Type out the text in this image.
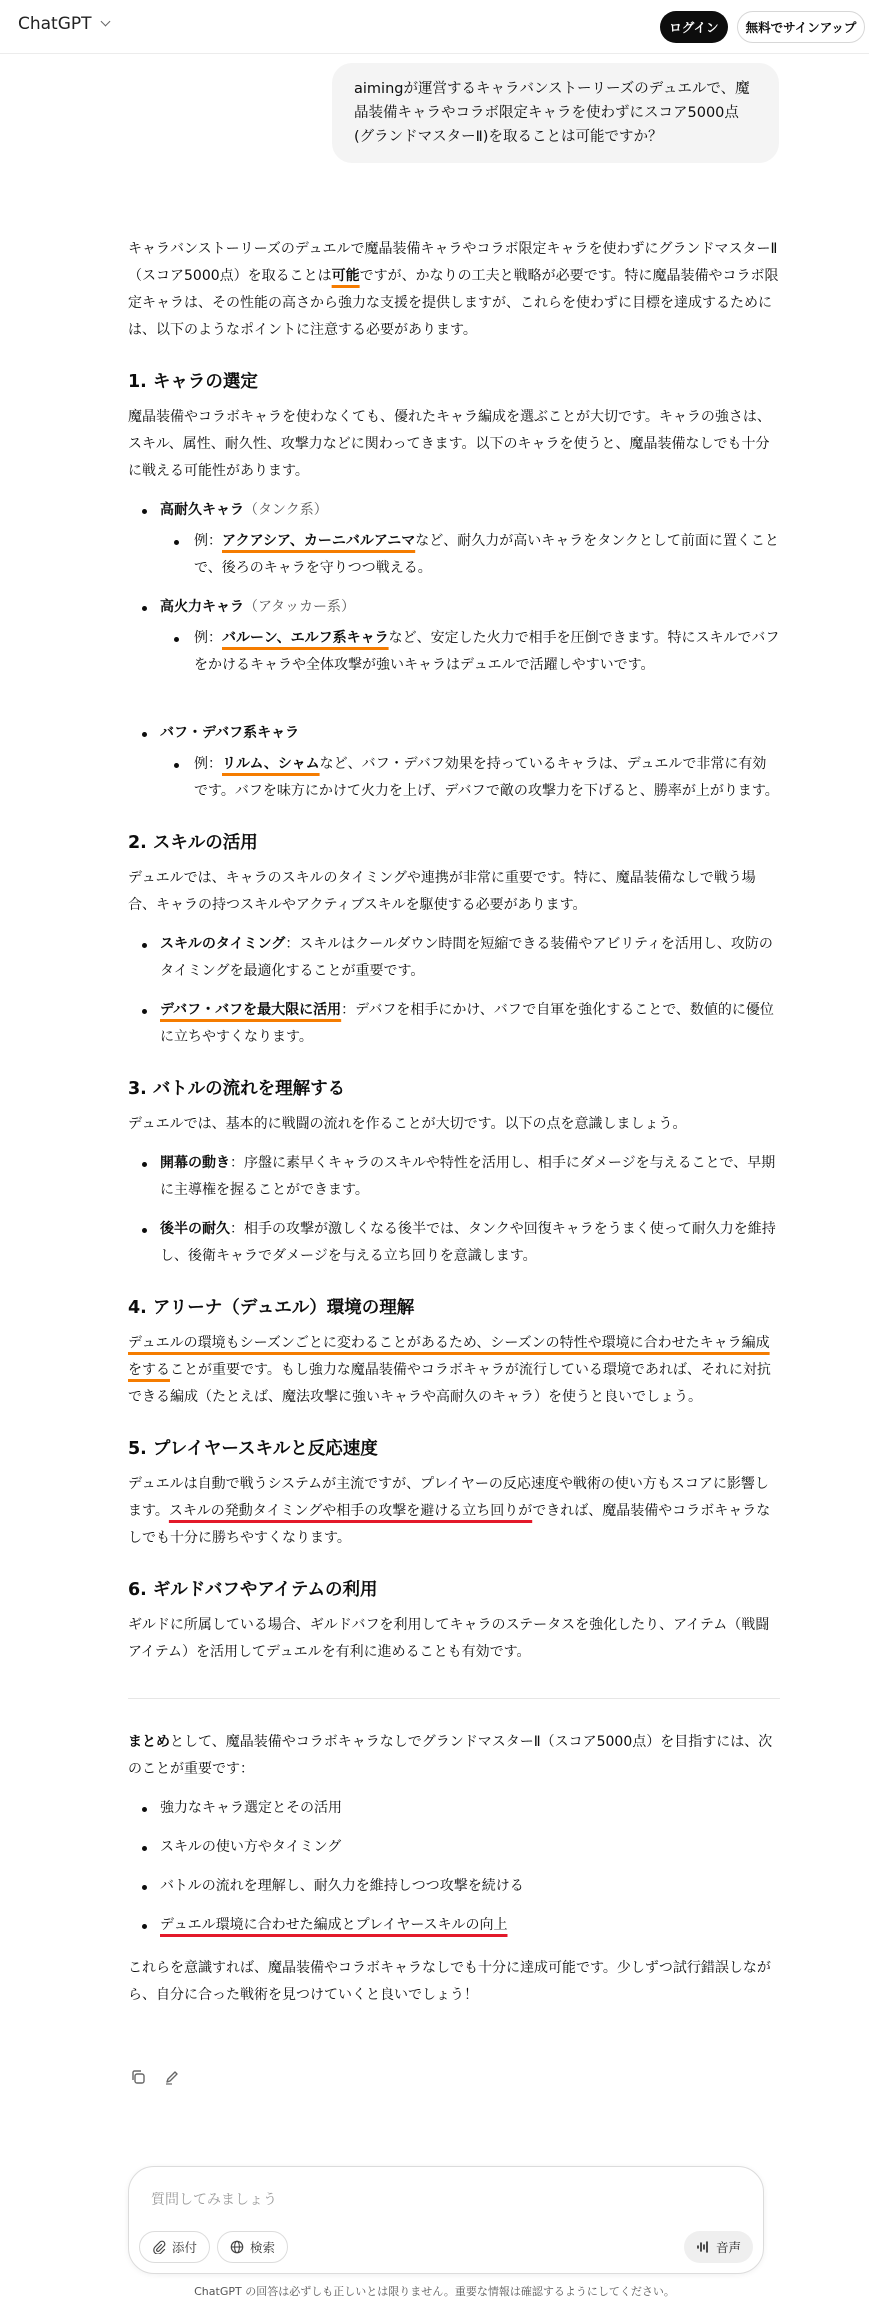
ChatGPT	ログイン	無料でサインアップ
aimingが運営するキャラバンストーリーズのデュエルで、魔晶装備キャラやコラボ限定キャラを使わずにスコア5000点(グランドマスターⅡ)を取ることは可能ですか？

キャラバンストーリーズのデュエルで魔晶装備キャラやコラボ限定キャラを使わずにグランドマスターⅡ（スコア5000点）を取ることは可能ですが、かなりの工夫と戦略が必要です。特に魔晶装備やコラボ限定キャラは、その性能の高さから強力な支援を提供しますが、これらを使わずに目標を達成するためには、以下のようなポイントに注意する必要があります。

1. キャラの選定

魔晶装備やコラボキャラを使わなくても、優れたキャラ編成を選ぶことが大切です。キャラの強さは、スキル、属性、耐久性、攻撃力などに関わってきます。以下のキャラを使うと、魔晶装備なしでも十分に戦える可能性があります。

高耐久キャラ（タンク系）
例：アクアシア、カーニバルアニマなど、耐久力が高いキャラをタンクとして前面に置くことで、後ろのキャラを守りつつ戦える。
高火力キャラ（アタッカー系）
例：バルーン、エルフ系キャラなど、安定した火力で相手を圧倒できます。特にスキルでバフをかけるキャラや全体攻撃が強いキャラはデュエルで活躍しやすいです。
バフ・デバフ系キャラ
例：リルム、シャムなど、バフ・デバフ効果を持っているキャラは、デュエルで非常に有効です。バフを味方にかけて火力を上げ、デバフで敵の攻撃力を下げると、勝率が上がります。
2. スキルの活用

デュエルでは、キャラのスキルのタイミングや連携が非常に重要です。特に、魔晶装備なしで戦う場合、キャラの持つスキルやアクティブスキルを駆使する必要があります。

スキルのタイミング：スキルはクールダウン時間を短縮できる装備やアビリティを活用し、攻防のタイミングを最適化することが重要です。
デバフ・バフを最大限に活用：デバフを相手にかけ、バフで自軍を強化することで、数値的に優位に立ちやすくなります。
3. バトルの流れを理解する

デュエルでは、基本的に戦闘の流れを作ることが大切です。以下の点を意識しましょう。

開幕の動き：序盤に素早くキャラのスキルや特性を活用し、相手にダメージを与えることで、早期に主導権を握ることができます。
後半の耐久：相手の攻撃が激しくなる後半では、タンクや回復キャラをうまく使って耐久力を維持し、後衛キャラでダメージを与える立ち回りを意識します。
4. アリーナ（デュエル）環境の理解

デュエルの環境もシーズンごとに変わることがあるため、シーズンの特性や環境に合わせたキャラ編成をすることが重要です。もし強力な魔晶装備やコラボキャラが流行している環境であれば、それに対抗できる編成（たとえば、魔法攻撃に強いキャラや高耐久のキャラ）を使うと良いでしょう。

5. プレイヤースキルと反応速度

デュエルは自動で戦うシステムが主流ですが、プレイヤーの反応速度や戦術の使い方もスコアに影響します。スキルの発動タイミングや相手の攻撃を避ける立ち回りができれば、魔晶装備やコラボキャラなしでも十分に勝ちやすくなります。

6. ギルドバフやアイテムの利用

ギルドに所属している場合、ギルドバフを利用してキャラのステータスを強化したり、アイテム（戦闘アイテム）を活用してデュエルを有利に進めることも有効です。

まとめとして、魔晶装備やコラボキャラなしでグランドマスターⅡ（スコア5000点）を目指すには、次のことが重要です：

強力なキャラ選定とその活用
スキルの使い方やタイミング
バトルの流れを理解し、耐久力を維持しつつ攻撃を続ける
デュエル環境に合わせた編成とプレイヤースキルの向上

これらを意識すれば、魔晶装備やコラボキャラなしでも十分に達成可能です。少しずつ試行錯誤しながら、自分に合った戦術を見つけていくと良いでしょう！

質問してみましょう
添付	検索	音声
ChatGPT の回答は必ずしも正しいとは限りません。重要な情報は確認するようにしてください。
